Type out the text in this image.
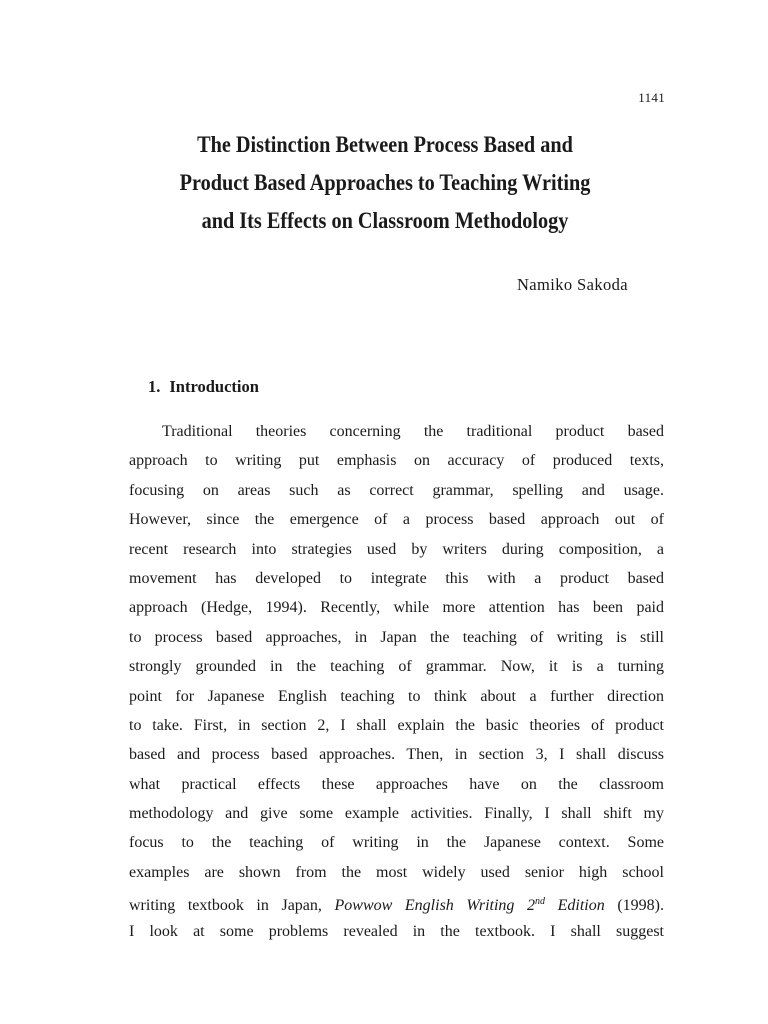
1141
The Distinction Between Process Based and
Product Based Approaches to Teaching Writing
and Its Effects on Classroom Methodology
Namiko Sakoda
1. Introduction
Traditional theories concerning the traditional product based
approach to writing put emphasis on accuracy of produced texts,
focusing on areas such as correct grammar, spelling and usage.
However, since the emergence of a process based approach out of
recent research into strategies used by writers during composition, a
movement has developed to integrate this with a product based
approach (Hedge, 1994). Recently, while more attention has been paid
to process based approaches, in Japan the teaching of writing is still
strongly grounded in the teaching of grammar. Now, it is a turning
point for Japanese English teaching to think about a further direction
to take. First, in section 2, I shall explain the basic theories of product
based and process based approaches. Then, in section 3, I shall discuss
what practical effects these approaches have on the classroom
methodology and give some example activities. Finally, I shall shift my
focus to the teaching of writing in the Japanese context. Some
examples are shown from the most widely used senior high school
writing textbook in Japan, Powwow English Writing 2nd Edition (1998).
I look at some problems revealed in the textbook. I shall suggest
